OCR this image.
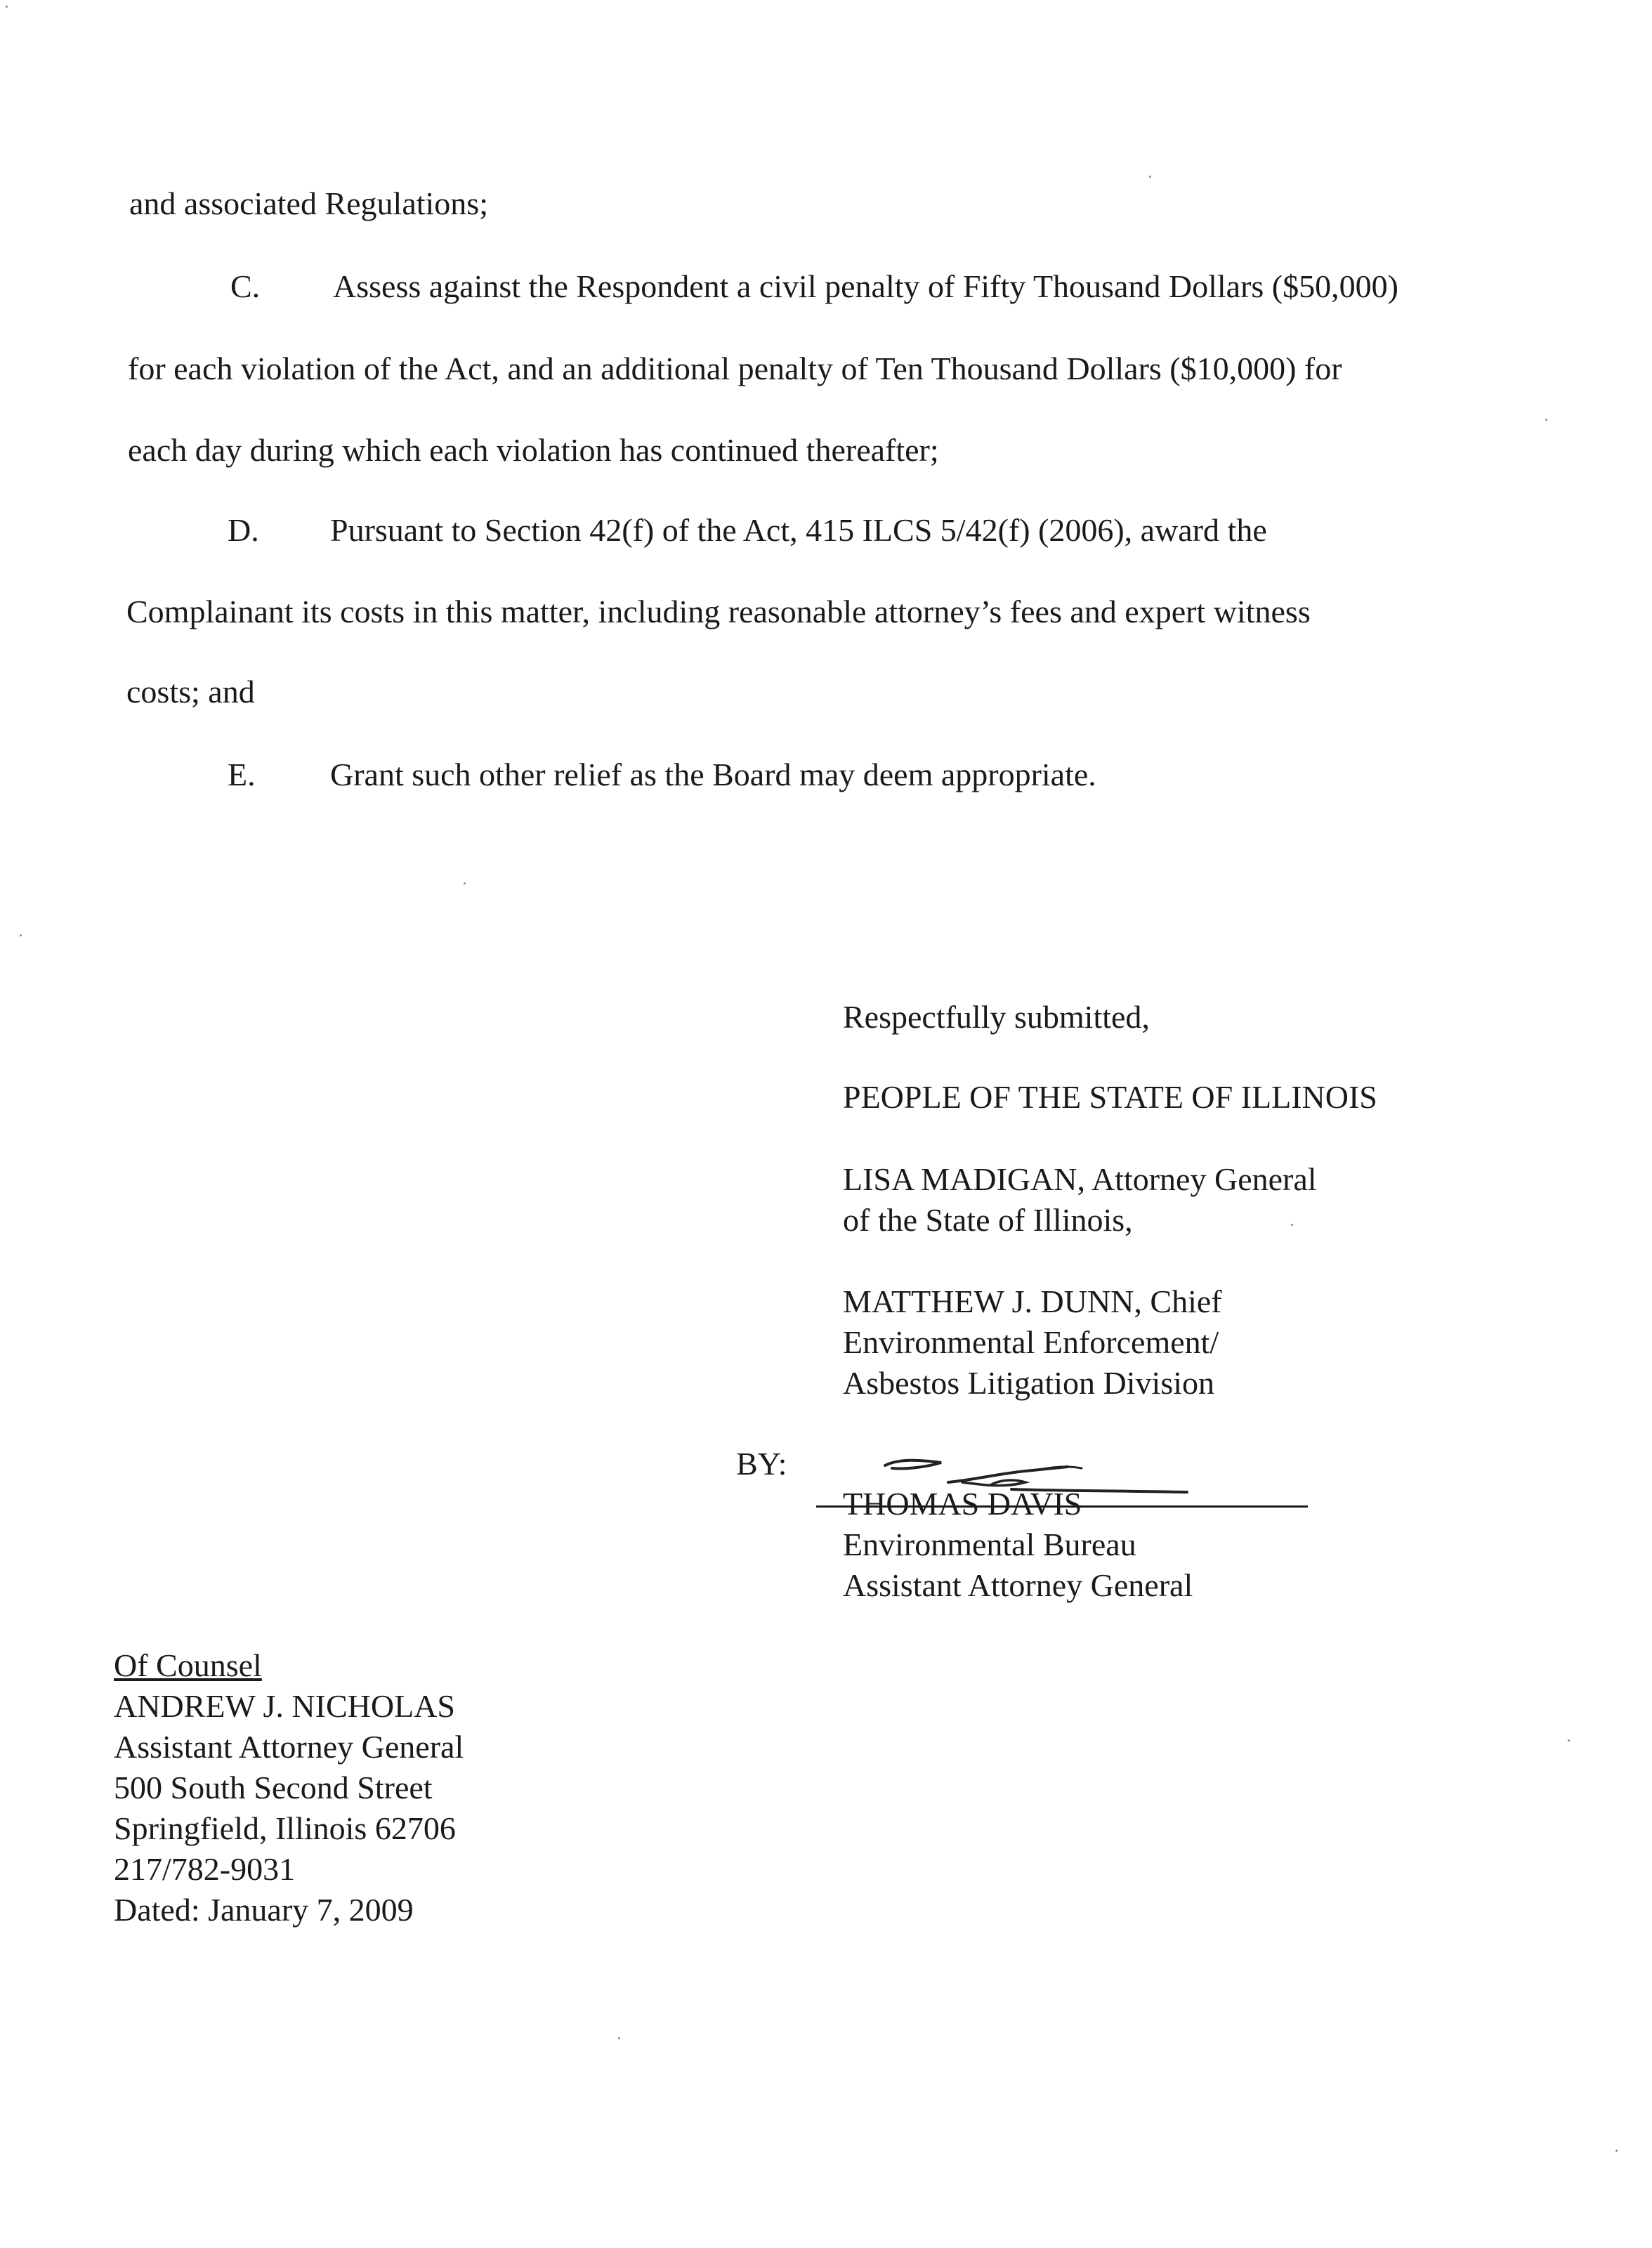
and associated Regulations;

C. Assess against the Respondent a civil penalty of Fifty Thousand Dollars ($50,000)

for each violation of the Act, and an additional penalty of Ten Thousand Dollars ($10,000) for

each day during which each violation has continued thereafter;

D. Pursuant to Section 42(f) of the Act, 415 ILCS 5/42(f) (2006), award the

Complainant its costs in this matter, including reasonable attorney’s fees and expert witness

costs; and

E. Grant such other relief as the Board may deem appropriate.

Respectfully submitted,

PEOPLE OF THE STATE OF ILLINOIS

LISA MADIGAN, Attorney General
of the State of Illinois,
MATTHEW J. DUNN, Chief
Environmental Enforcement/
Asbestos Litigation Division

BY:

THOMAS DAVIS
Environmental Bureau
Assistant Attorney General
Of Counsel
ANDREW J. NICHOLAS
Assistant Attorney General
500 South Second Street
Springfield, Illinois 62706
217/782-9031
Dated: January 7, 2009
